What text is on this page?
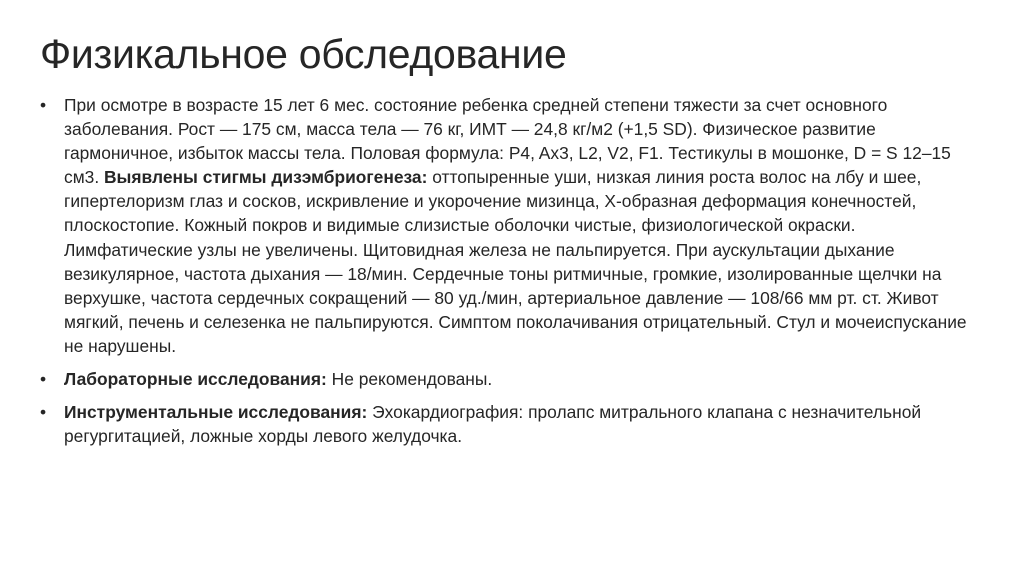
Физикальное обследование
•	При осмотре в возрасте 15 лет 6 мес. состояние ребенка средней степени тяжести за счет основного заболевания. Рост — 175 см, масса тела — 76 кг, ИМТ — 24,8 кг/м2 (+1,5 SD). Физическое развитие гармоничное, избыток массы тела. Половая формула: P4, Ax3, L2, V2, F1. Тестикулы в мошонке, D = S 12–15 см3. Выявлены стигмы дизэмбриогенеза: оттопыренные уши, низкая линия роста волос на лбу и шее, гипертелоризм глаз и сосков, искривление и укорочение мизинца, Х-образная деформация конечностей, плоскостопие. Кожный покров и видимые слизистые оболочки чистые, физиологической окраски. Лимфатические узлы не увеличены. Щитовидная железа не пальпируется. При аускультации дыхание везикулярное, частота дыхания — 18/мин. Сердечные тоны ритмичные, громкие, изолированные щелчки на верхушке, частота сердечных сокращений — 80 уд./мин, артериальное давление — 108/66 мм рт. ст. Живот мягкий, печень и селезенка не пальпируются. Симптом поколачивания отрицательный. Стул и мочеиспускание не нарушены.
•	Лабораторные исследования: Не рекомендованы.
•	Инструментальные исследования: Эхокардиография: пролапс митрального клапана с незначительной регургитацией, ложные хорды левого желудочка.
